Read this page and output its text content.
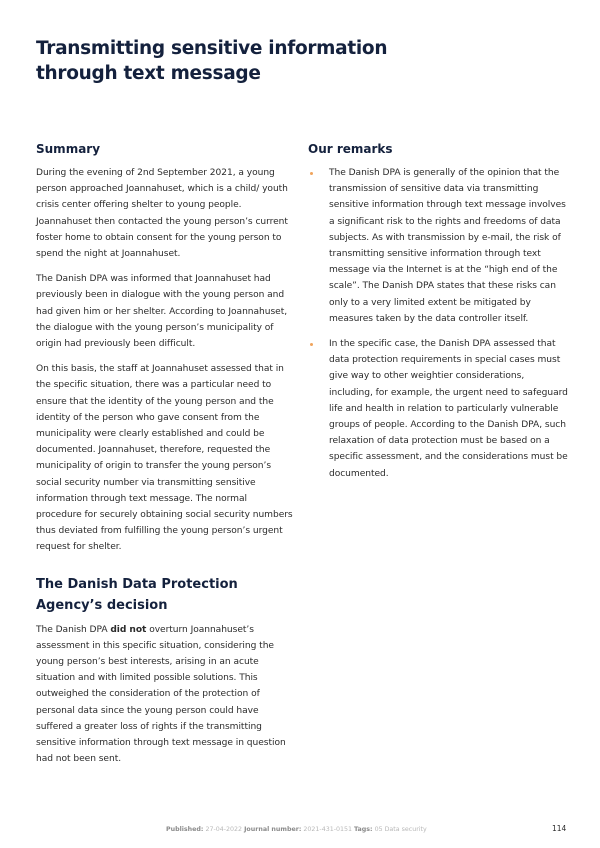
Transmitting sensitive information
through text message
Summary

During the evening of 2nd September 2021, a young person approached Joannahuset, which is a child/ youth crisis center offering shelter to young people. Joannahuset then contacted the young person’s current foster home to obtain consent for the young person to spend the night at Joannahuset.

The Danish DPA was informed that Joannahuset had previously been in dialogue with the young person and had given him or her shelter. According to Joannahuset, the dialogue with the young person’s municipality of origin had previously been difficult.

On this basis, the staff at Joannahuset assessed that in the specific situation, there was a particular need to ensure that the identity of the young person and the identity of the person who gave consent from the municipality were clearly established and could be documented. Joannahuset, therefore, requested the municipality of origin to transfer the young person’s social security number via transmitting sensitive information through text message. The normal procedure for securely obtaining social security numbers thus deviated from fulfilling the young person’s urgent request for shelter.

The Danish Data Protection Agency’s decision

The Danish DPA did not overturn Joannahuset’s assessment in this specific situation, considering the young person’s best interests, arising in an acute situation and with limited possible solutions. This outweighed the consideration of the protection of personal data since the young person could have suffered a greater loss of rights if the transmitting sensitive information through text message in question had not been sent.

Our remarks
The Danish DPA is generally of the opinion that the transmission of sensitive data via transmitting sensitive information through text message involves a significant risk to the rights and freedoms of data subjects. As with transmission by e-mail, the risk of transmitting sensitive information through text message via the Internet is at the “high end of the scale”. The Danish DPA states that these risks can only to a very limited extent be mitigated by measures taken by the data controller itself.
In the specific case, the Danish DPA assessed that data protection requirements in special cases must give way to other weightier considerations, including, for example, the urgent need to safeguard life and health in relation to particularly vulnerable groups of people. According to the Danish DPA, such relaxation of data protection must be based on a specific assessment, and the considerations must be documented.
Published: 27-04-2022 Journal number: 2021-431-0151 Tags: 05 Data security	114
